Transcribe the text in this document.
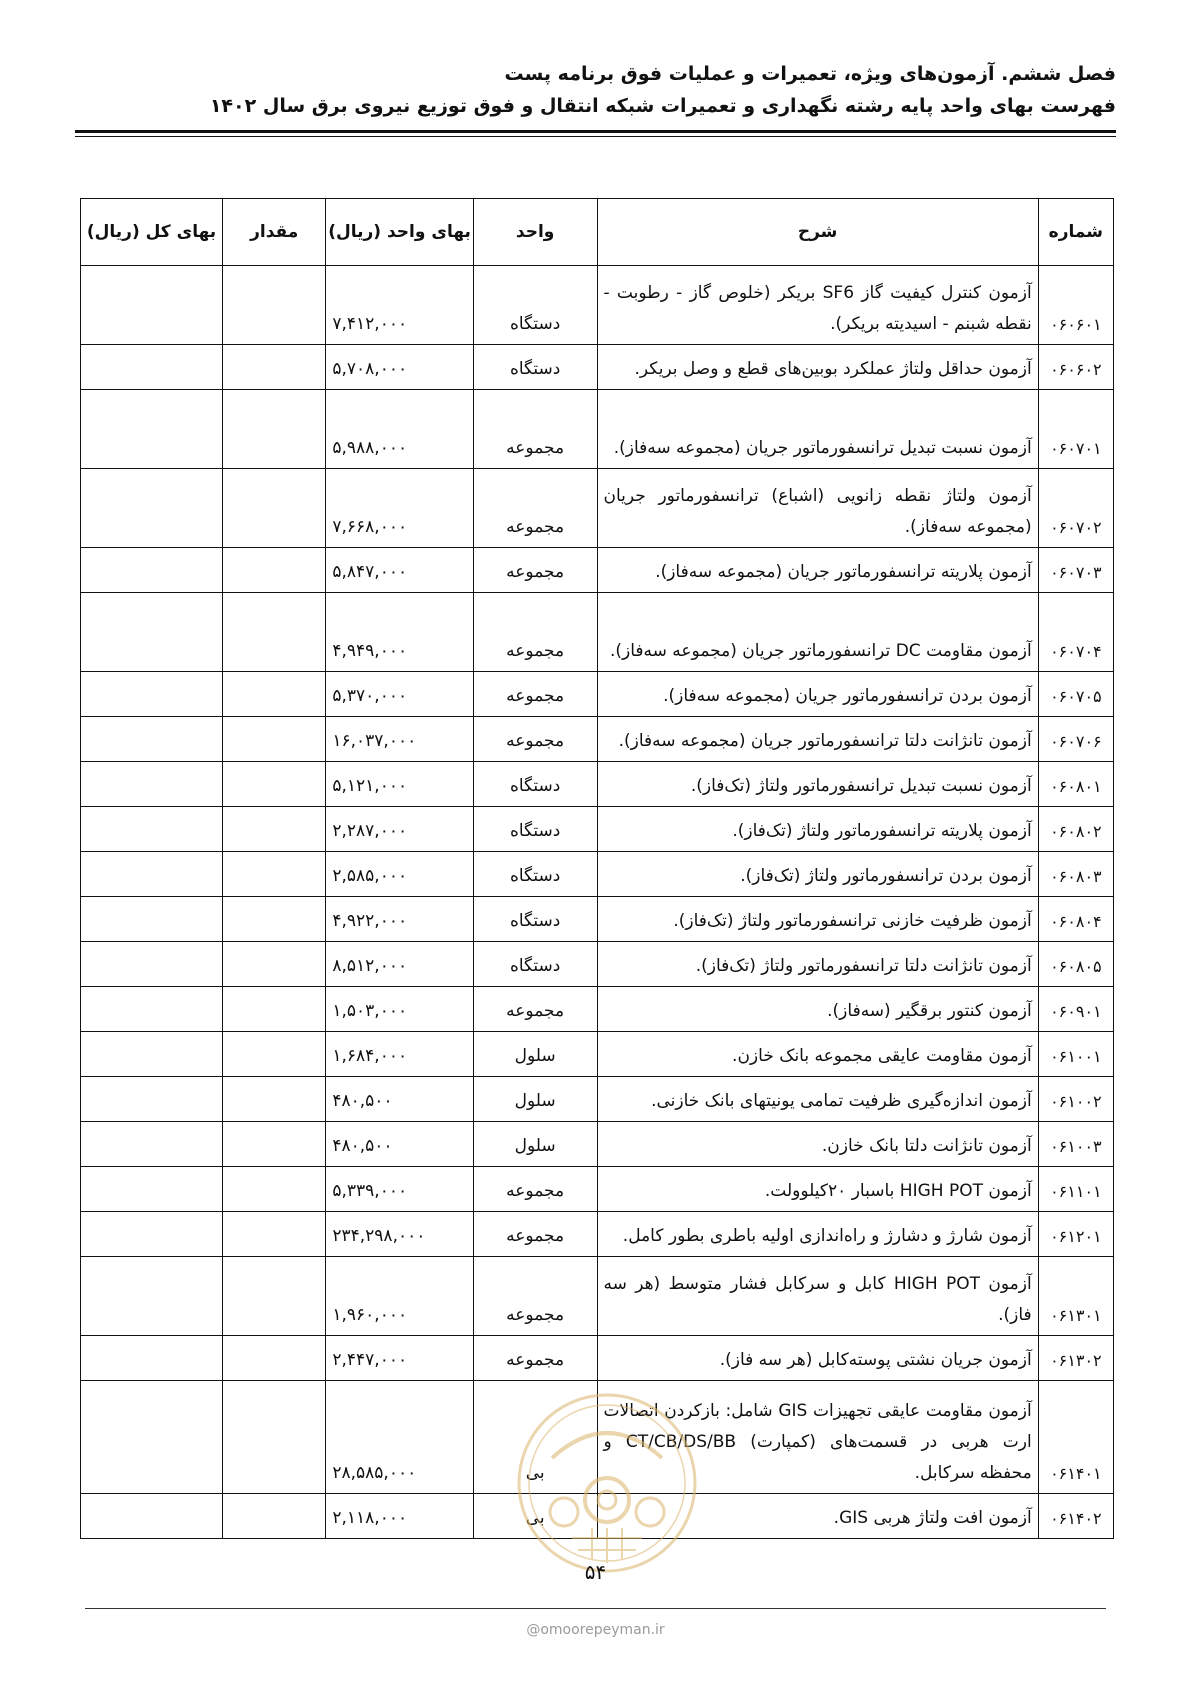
فصل ششم. آزمون‌های ویژه، تعمیرات و عملیات فوق برنامه پست
فهرست بهای واحد پایه رشته نگهداری و تعمیرات شبکه انتقال و فوق توزیع نیروی برق سال ۱۴۰۲
شماره	شرح	واحد	بهای واحد (ریال)	مقدار	بهای کل (ریال)
۰۶۰۶۰۱	آزمون کنترل کیفیت گاز SF6 بریکر (خلوص گاز - رطوبت - نقطه شبنم - اسیدیته بریکر).	دستگاه	۷,۴۱۲,۰۰۰		
۰۶۰۶۰۲	آزمون حداقل ولتاژ عملکرد بوبین‌های قطع و وصل بریکر.	دستگاه	۵,۷۰۸,۰۰۰		
۰۶۰۷۰۱	آزمون نسبت تبدیل ترانسفورماتور جریان (مجموعه سه‌فاز).	مجموعه	۵,۹۸۸,۰۰۰		
۰۶۰۷۰۲	آزمون ولتاژ نقطه زانویی (اشباع) ترانسفورماتور جریان (مجموعه سه‌فاز).	مجموعه	۷,۶۶۸,۰۰۰		
۰۶۰۷۰۳	آزمون پلاریته ترانسفورماتور جریان (مجموعه سه‌فاز).	مجموعه	۵,۸۴۷,۰۰۰		
۰۶۰۷۰۴	آزمون مقاومت DC ترانسفورماتور جریان (مجموعه سه‌فاز).	مجموعه	۴,۹۴۹,۰۰۰		
۰۶۰۷۰۵	آزمون بردن ترانسفورماتور جریان (مجموعه سه‌فاز).	مجموعه	۵,۳۷۰,۰۰۰		
۰۶۰۷۰۶	آزمون تانژانت دلتا ترانسفورماتور جریان (مجموعه سه‌فاز).	مجموعه	۱۶,۰۳۷,۰۰۰		
۰۶۰۸۰۱	آزمون نسبت تبدیل ترانسفورماتور ولتاژ (تک‌فاز).	دستگاه	۵,۱۲۱,۰۰۰		
۰۶۰۸۰۲	آزمون پلاریته ترانسفورماتور ولتاژ (تک‌فاز).	دستگاه	۲,۲۸۷,۰۰۰		
۰۶۰۸۰۳	آزمون بردن ترانسفورماتور ولتاژ (تک‌فاز).	دستگاه	۲,۵۸۵,۰۰۰		
۰۶۰۸۰۴	آزمون ظرفیت خازنی ترانسفورماتور ولتاژ (تک‌فاز).	دستگاه	۴,۹۲۲,۰۰۰		
۰۶۰۸۰۵	آزمون تانژانت دلتا ترانسفورماتور ولتاژ (تک‌فاز).	دستگاه	۸,۵۱۲,۰۰۰		
۰۶۰۹۰۱	آزمون کنتور برقگیر (سه‌فاز).	مجموعه	۱,۵۰۳,۰۰۰		
۰۶۱۰۰۱	آزمون مقاومت عایقی مجموعه بانک خازن.	سلول	۱,۶۸۴,۰۰۰		
۰۶۱۰۰۲	آزمون اندازه‌گیری ظرفیت تمامی یونیتهای بانک خازنی.	سلول	۴۸۰,۵۰۰		
۰۶۱۰۰۳	آزمون تانژانت دلتا بانک خازن.	سلول	۴۸۰,۵۰۰		
۰۶۱۱۰۱	آزمون HIGH POT باسبار ۲۰کیلوولت.	مجموعه	۵,۳۳۹,۰۰۰		
۰۶۱۲۰۱	آزمون شارژ و دشارژ و راه‌اندازی اولیه باطری بطور کامل.	مجموعه	۲۳۴,۲۹۸,۰۰۰		
۰۶۱۳۰۱	آزمون HIGH POT کابل و سرکابل فشار متوسط (هر سه فاز).	مجموعه	۱,۹۶۰,۰۰۰		
۰۶۱۳۰۲	آزمون جریان نشتی پوسته‌کابل (هر سه فاز).	مجموعه	۲,۴۴۷,۰۰۰		
۰۶۱۴۰۱	آزمون مقاومت عایقی تجهیزات GIS شامل: بازکردن اتصالات ارت هربی در قسمت‌های (کمپارت) CT/CB/DS/BB و محفظه سرکابل.	بی	۲۸,۵۸۵,۰۰۰		
۰۶۱۴۰۲	آزمون افت ولتاژ هربی GIS.	بی	۲,۱۱۸,۰۰۰		
۵۴
@omoorepeyman.ir
